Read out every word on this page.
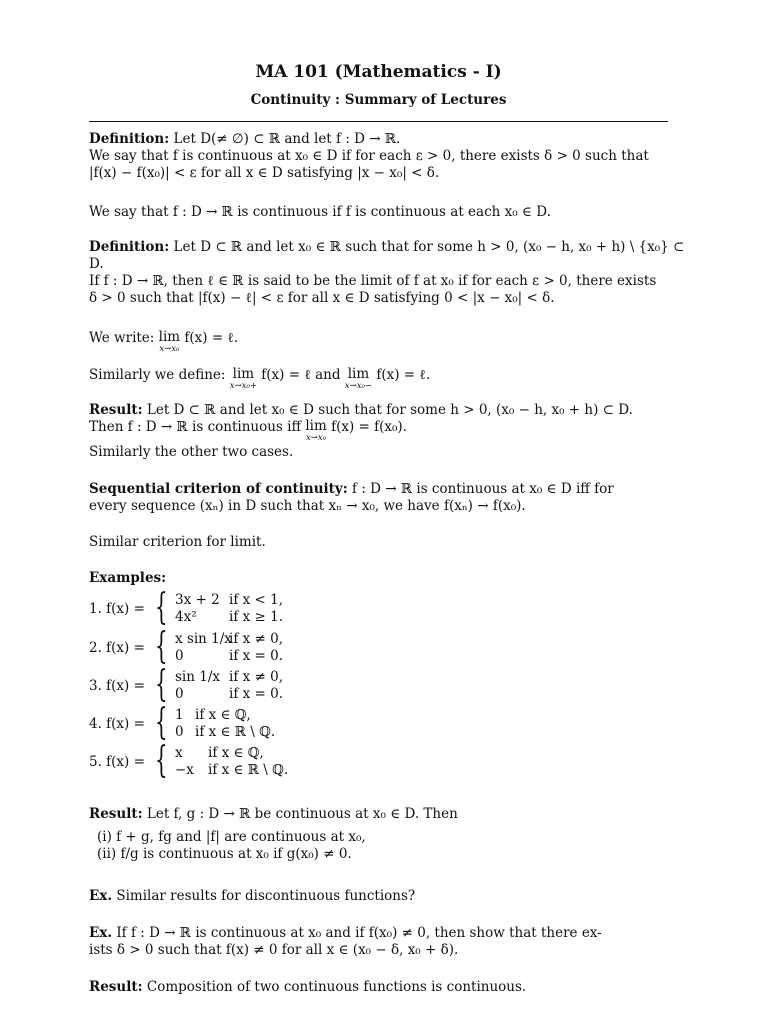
MA 101 (Mathematics - I)
Continuity : Summary of Lectures
Definition: Let D(≠ ∅) ⊂ ℝ and let f : D → ℝ.
We say that f is continuous at x₀ ∈ D if for each ε > 0, there exists δ > 0 such that
|f(x) − f(x₀)| < ε for all x ∈ D satisfying |x − x₀| < δ.
We say that f : D → ℝ is continuous if f is continuous at each x₀ ∈ D.
Definition: Let D ⊂ ℝ and let x₀ ∈ ℝ such that for some h > 0, (x₀ − h, x₀ + h) \ {x₀} ⊂
D.
If f : D → ℝ, then ℓ ∈ ℝ is said to be the limit of f at x₀ if for each ε > 0, there exists
δ > 0 such that |f(x) − ℓ| < ε for all x ∈ D satisfying 0 < |x − x₀| < δ.
We write: lim
x→x₀
f(x) = ℓ.
Similarly we define: lim
x→x₀+
f(x) = ℓ and lim
x→x₀−
f(x) = ℓ.
Result: Let D ⊂ ℝ and let x₀ ∈ D such that for some h > 0, (x₀ − h, x₀ + h) ⊂ D.
Then f : D → ℝ is continuous iff lim
x→x₀
f(x) = f(x₀).
Similarly the other two cases.
Sequential criterion of continuity: f : D → ℝ is continuous at x₀ ∈ D iff for
every sequence (xₙ) in D such that xₙ → x₀, we have f(xₙ) → f(x₀).
Similar criterion for limit.
Examples:
1. f(x) = { 3x + 2 if x < 1,
4x² if x ≥ 1.
2. f(x) = { x sin 1/x
if x ≠ 0,
0	if x = 0.
3. f(x) = { sin 1/x if x ≠ 0,
0	if x = 0.
4. f(x) = { 1 if x ∈ ℚ,
0 if x ∈ ℝ \ ℚ.
5. f(x) = { x if x ∈ ℚ,
−x if x ∈ ℝ \ ℚ.
Result: Let f, g : D → ℝ be continuous at x₀ ∈ D. Then
(i) f + g, fg and |f| are continuous at x₀,
(ii) f/g is continuous at x₀ if g(x₀) ≠ 0.
Ex. Similar results for discontinuous functions?
Ex. If f : D → ℝ is continuous at x₀ and if f(x₀) ≠ 0, then show that there ex-
ists δ > 0 such that f(x) ≠ 0 for all x ∈ (x₀ − δ, x₀ + δ).
Result: Composition of two continuous functions is continuous.
